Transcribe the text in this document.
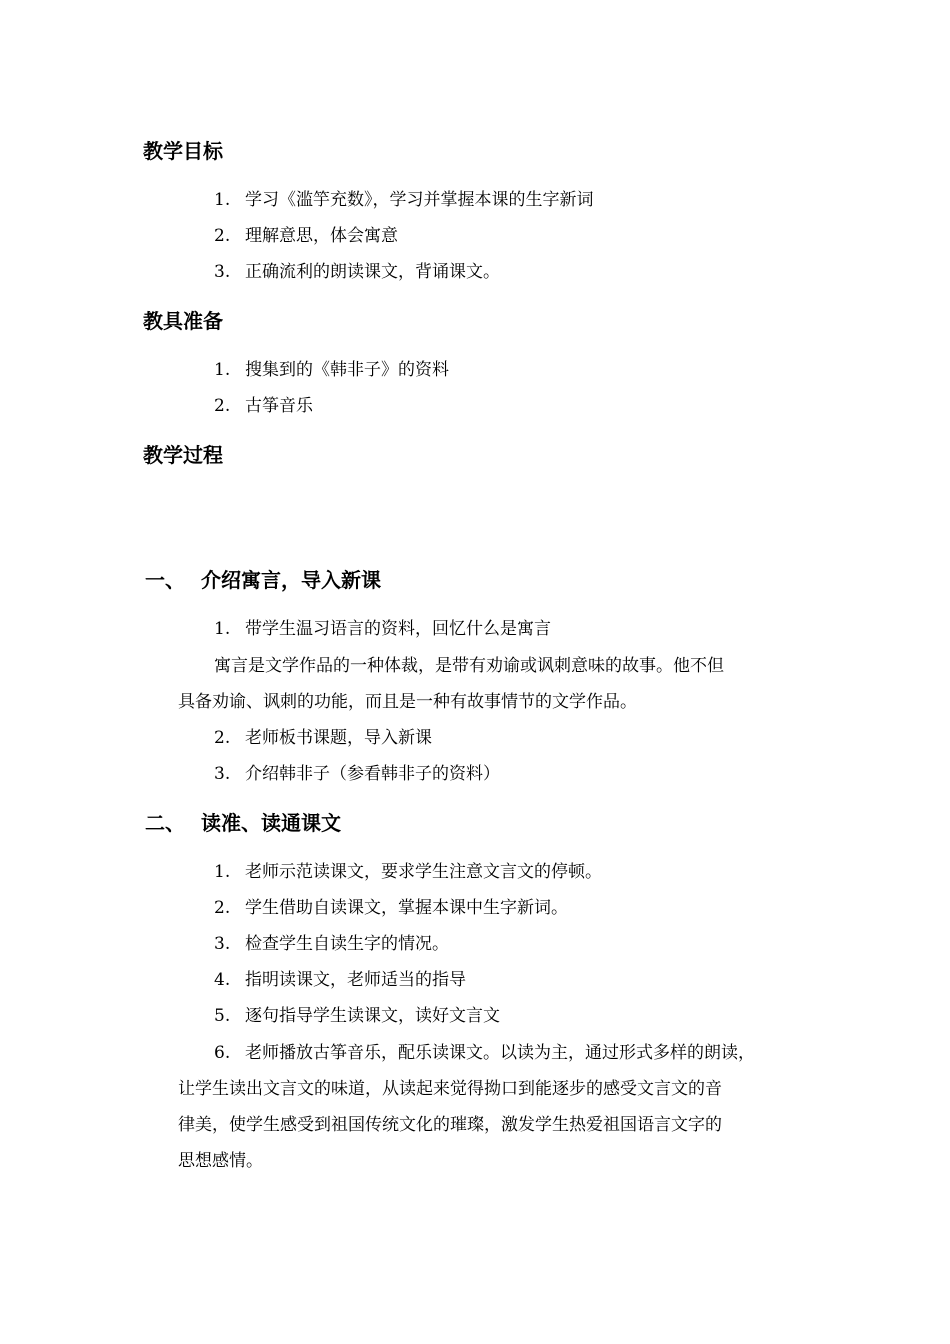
教学目标
1. 学习《滥竽充数》，学习并掌握本课的生字新词
2. 理解意思，体会寓意
3. 正确流利的朗读课文，背诵课文。
教具准备
1. 搜集到的《韩非子》的资料
2. 古筝音乐
教学过程
一、 介绍寓言，导入新课
1. 带学生温习语言的资料，回忆什么是寓言
寓言是文学作品的一种体裁，是带有劝谕或讽刺意味的故事。他不但
具备劝谕、讽刺的功能，而且是一种有故事情节的文学作品。
2. 老师板书课题，导入新课
3. 介绍韩非子（参看韩非子的资料）
二、 读准、读通课文
1. 老师示范读课文，要求学生注意文言文的停顿。
2. 学生借助自读课文，掌握本课中生字新词。
3. 检查学生自读生字的情况。
4. 指明读课文，老师适当的指导
5. 逐句指导学生读课文，读好文言文
6. 老师播放古筝音乐，配乐读课文。以读为主，通过形式多样的朗读，
让学生读出文言文的味道，从读起来觉得拗口到能逐步的感受文言文的音
律美，使学生感受到祖国传统文化的璀璨，激发学生热爱祖国语言文字的
思想感情。
